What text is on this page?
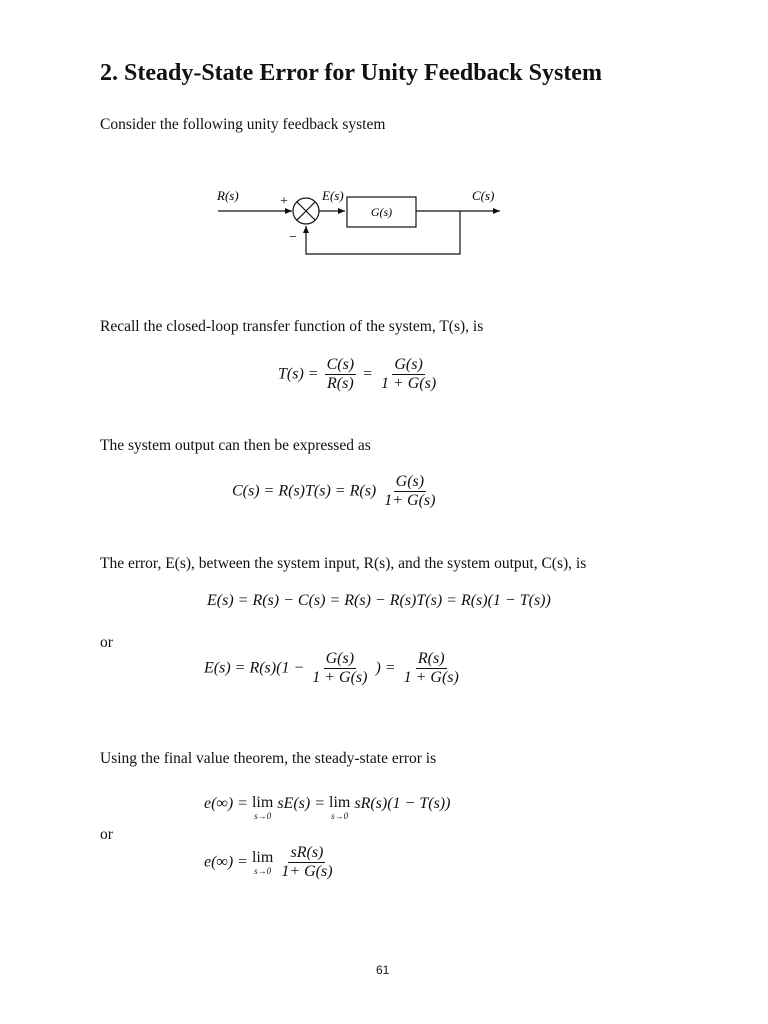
2. Steady-State Error for Unity Feedback System
Consider the following unity feedback system
R(s)	+
−
E(s)
G(s)
C(s)
Recall the closed-loop transfer function of the system, T(s), is
$T(s) = \frac{C(s)}{R(s)} = \frac{G(s)}{1 + G(s)}$
The system output can then be expressed as
$C(s) = R(s)T(s) = R(s) \frac{G(s)}{1+ G(s)}$
The error, E(s), between the system input, R(s), and the system output, C(s), is
E(s) = R(s) − C(s) = R(s) − R(s)T(s) = R(s)(1 − T(s))
or
$E(s) = R(s)(1 - \frac{G(s)}{1 + G(s)}$ ) = $\frac{R(s)}{1 + G(s)}$
Using the final value theorem, the steady-state error is
e(∞) = lim
s→0
sE(s) = lim
s→0
sR(s)(1 − T(s))
or
e(∞) = lim
s→0
$\frac{sR(s)}{1+ G(s)}$
61
